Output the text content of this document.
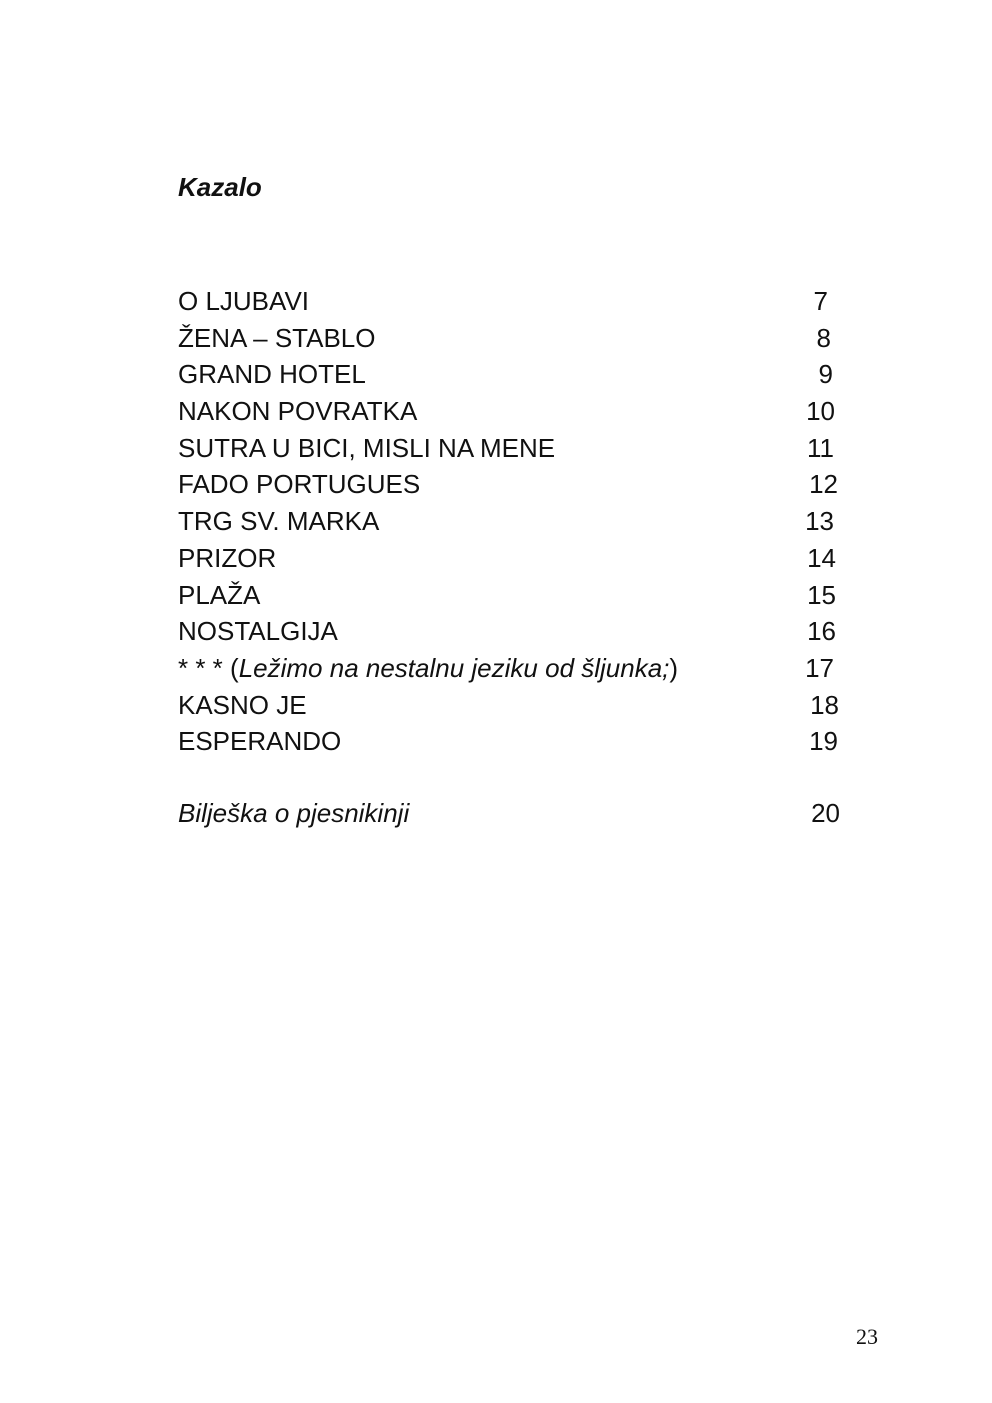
Kazalo
O LJUBAVI	7
ŽENA – STABLO	8
GRAND HOTEL	9
NAKON POVRATKA	10
SUTRA U BICI, MISLI NA MENE	11
FADO PORTUGUES	12
TRG SV. MARKA	13
PRIZOR	14
PLAŽA	15
NOSTALGIJA	16
* * * (Ležimo na nestalnu jeziku od šljunka;)	17
KASNO JE	18
ESPERANDO	19
Bilješka o pjesnikinji	20
23
